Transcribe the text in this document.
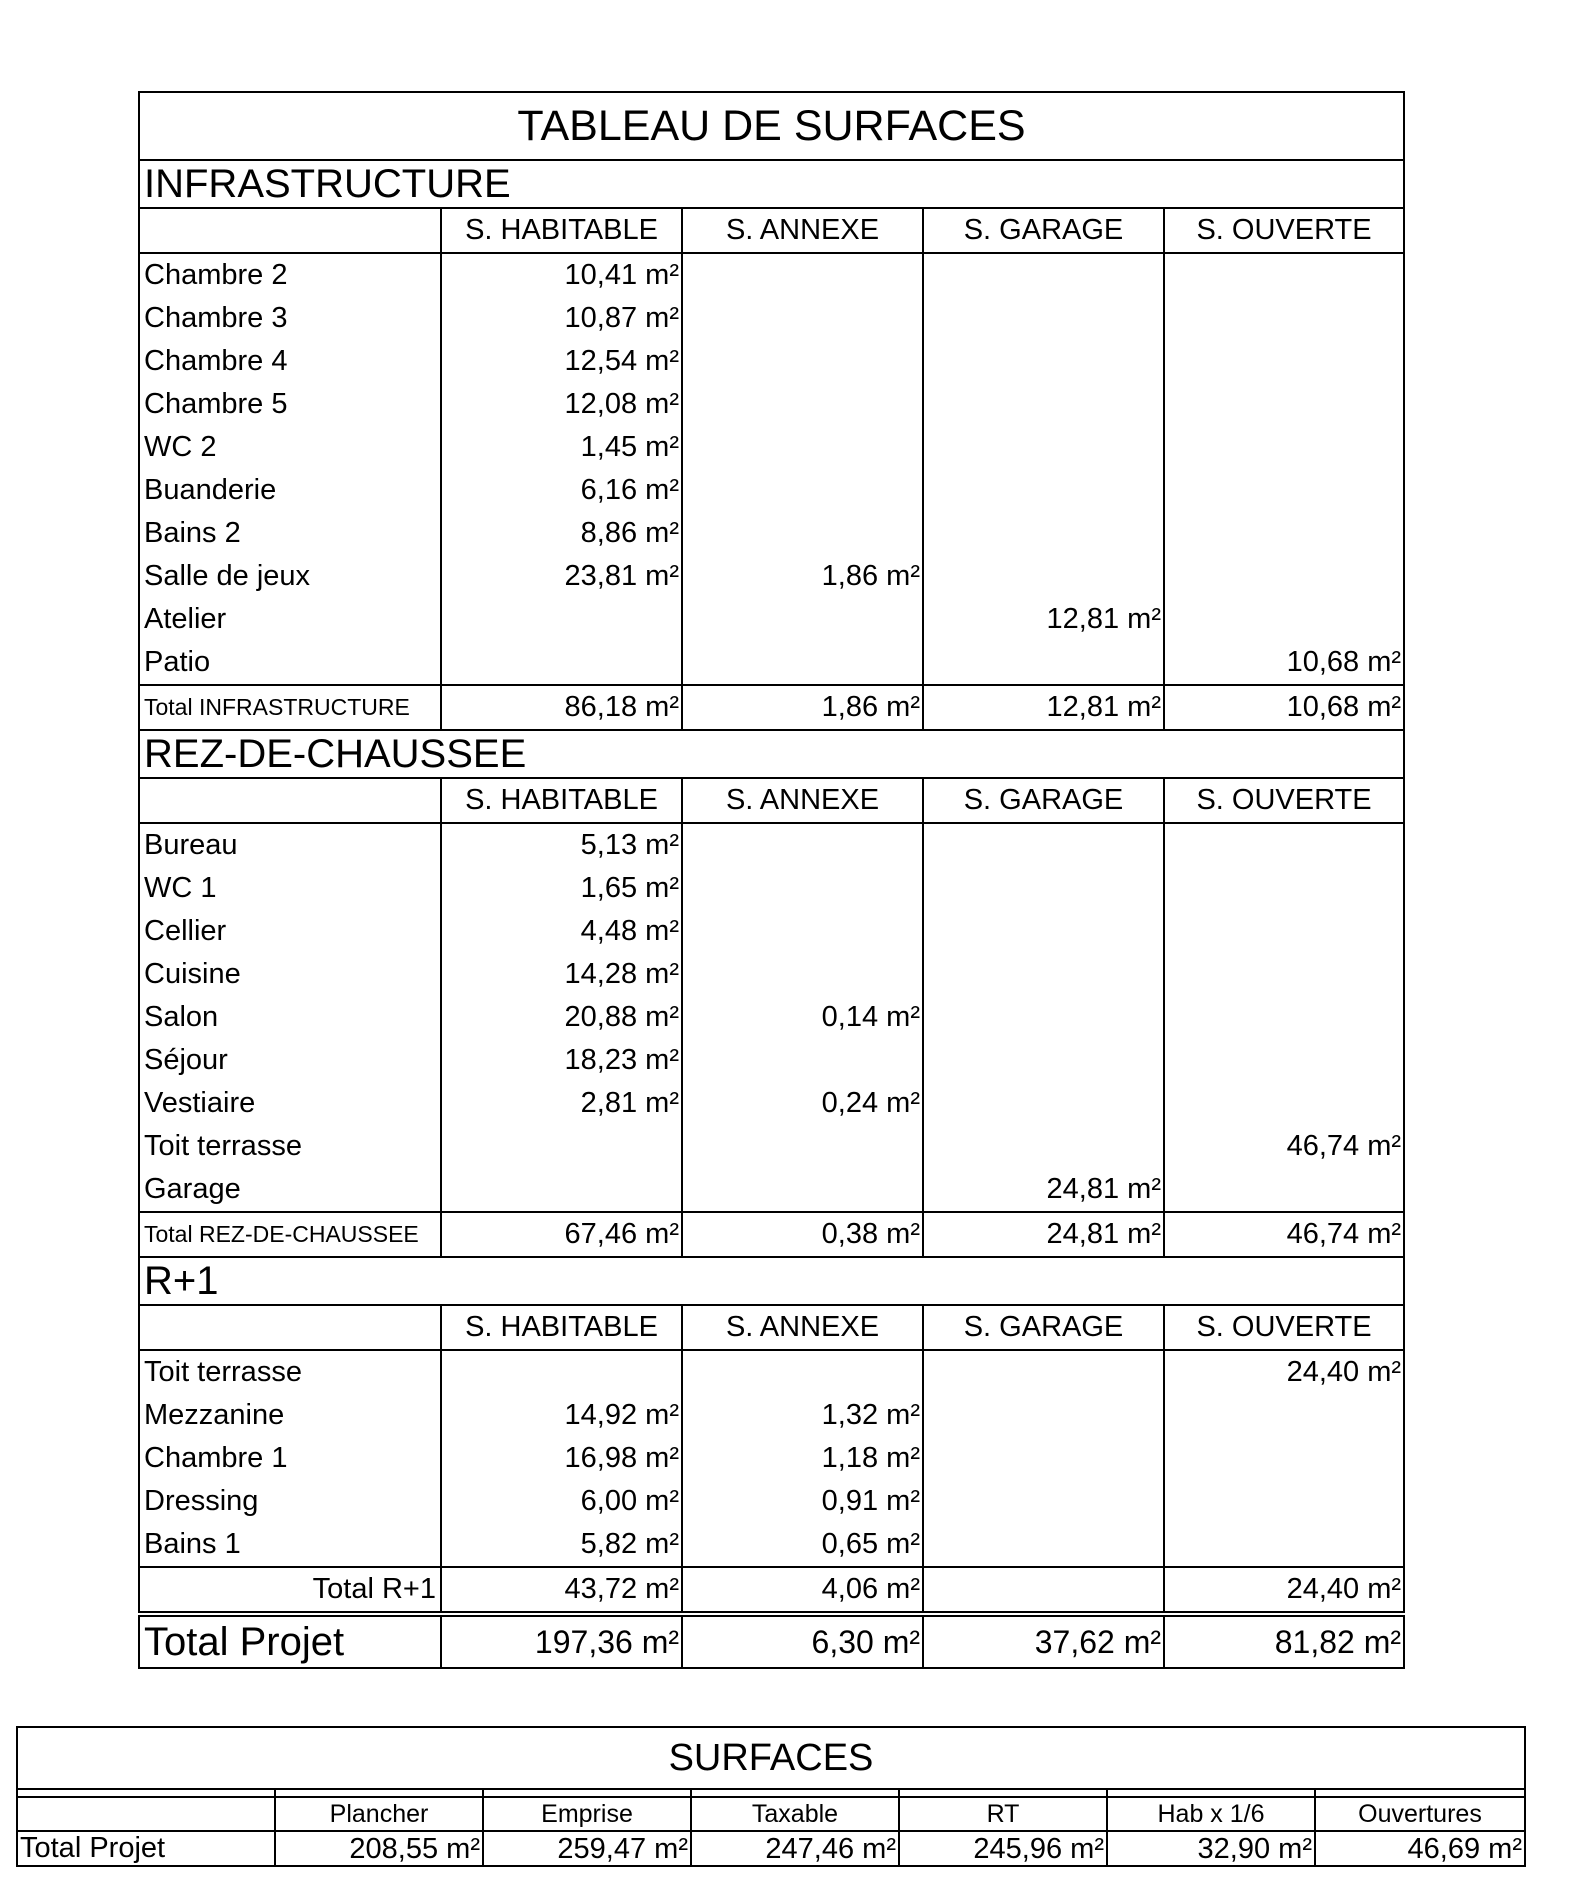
TABLEAU DE SURFACES				
INFRASTRUCTURE				
	S. HABITABLE	S. ANNEXE	S. GARAGE	S. OUVERTE
Chambre 2	10,41 m²			
Chambre 3	10,87 m²			
Chambre 4	12,54 m²			
Chambre 5	12,08 m²			
WC 2	1,45 m²			
Buanderie	6,16 m²			
Bains 2	8,86 m²			
Salle de jeux	23,81 m²	1,86 m²		
Atelier			12,81 m²	
Patio				10,68 m²
Total INFRASTRUCTURE	86,18 m²	1,86 m²	12,81 m²	10,68 m²
REZ-DE-CHAUSSEE				
	S. HABITABLE	S. ANNEXE	S. GARAGE	S. OUVERTE
Bureau	5,13 m²			
WC 1	1,65 m²			
Cellier	4,48 m²			
Cuisine	14,28 m²			
Salon	20,88 m²	0,14 m²		
Séjour	18,23 m²			
Vestiaire	2,81 m²	0,24 m²		
Toit terrasse				46,74 m²
Garage			24,81 m²	
Total REZ-DE-CHAUSSEE	67,46 m²	0,38 m²	24,81 m²	46,74 m²
R+1				
	S. HABITABLE	S. ANNEXE	S. GARAGE	S. OUVERTE
Toit terrasse				24,40 m²
Mezzanine	14,92 m²	1,32 m²		
Chambre 1	16,98 m²	1,18 m²		
Dressing	6,00 m²	0,91 m²		
Bains 1	5,82 m²	0,65 m²		
Total R+1	43,72 m²	4,06 m²		24,40 m²
Total Projet	197,36 m²	6,30 m²	37,62 m²	81,82 m²
SURFACES						

	Plancher	Emprise	Taxable	RT	Hab x 1/6	Ouvertures
Total Projet	208,55 m²	259,47 m²	247,46 m²	245,96 m²	32,90 m²	46,69 m²
